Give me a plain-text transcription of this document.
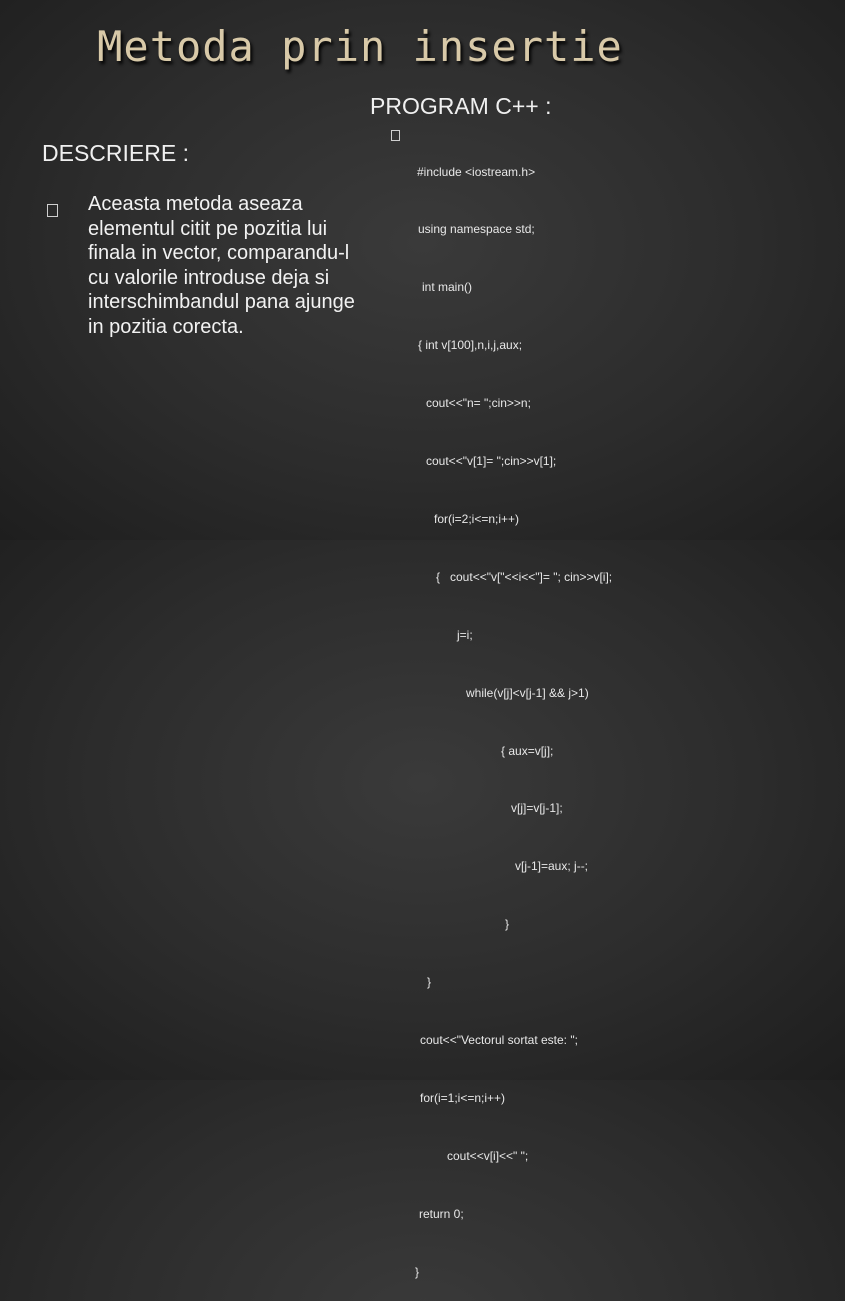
Metoda prin insertie
PROGRAM C++ :
DESCRIERE :
Aceasta metoda aseaza elementul citit pe pozitia lui finala in vector, comparandu-l cu valorile introduse deja si interschimbandul pana ajunge in pozitia corecta.

#include <iostream.h>

using namespace std;

int main()

{ int v[100],n,i,j,aux;

cout<<"n= ";cin>>n;

cout<<"v[1]= ";cin>>v[1];

for(i=2;i<=n;i++)

{   cout<<"v["<<i<<"]= "; cin>>v[i];

j=i;

while(v[j]<v[j-1] && j>1)

{ aux=v[j];

v[j]=v[j-1];

v[j-1]=aux; j--;

}

}

cout<<"Vectorul sortat este: ";

for(i=1;i<=n;i++)

cout<<v[i]<<" ";

return 0;

}
